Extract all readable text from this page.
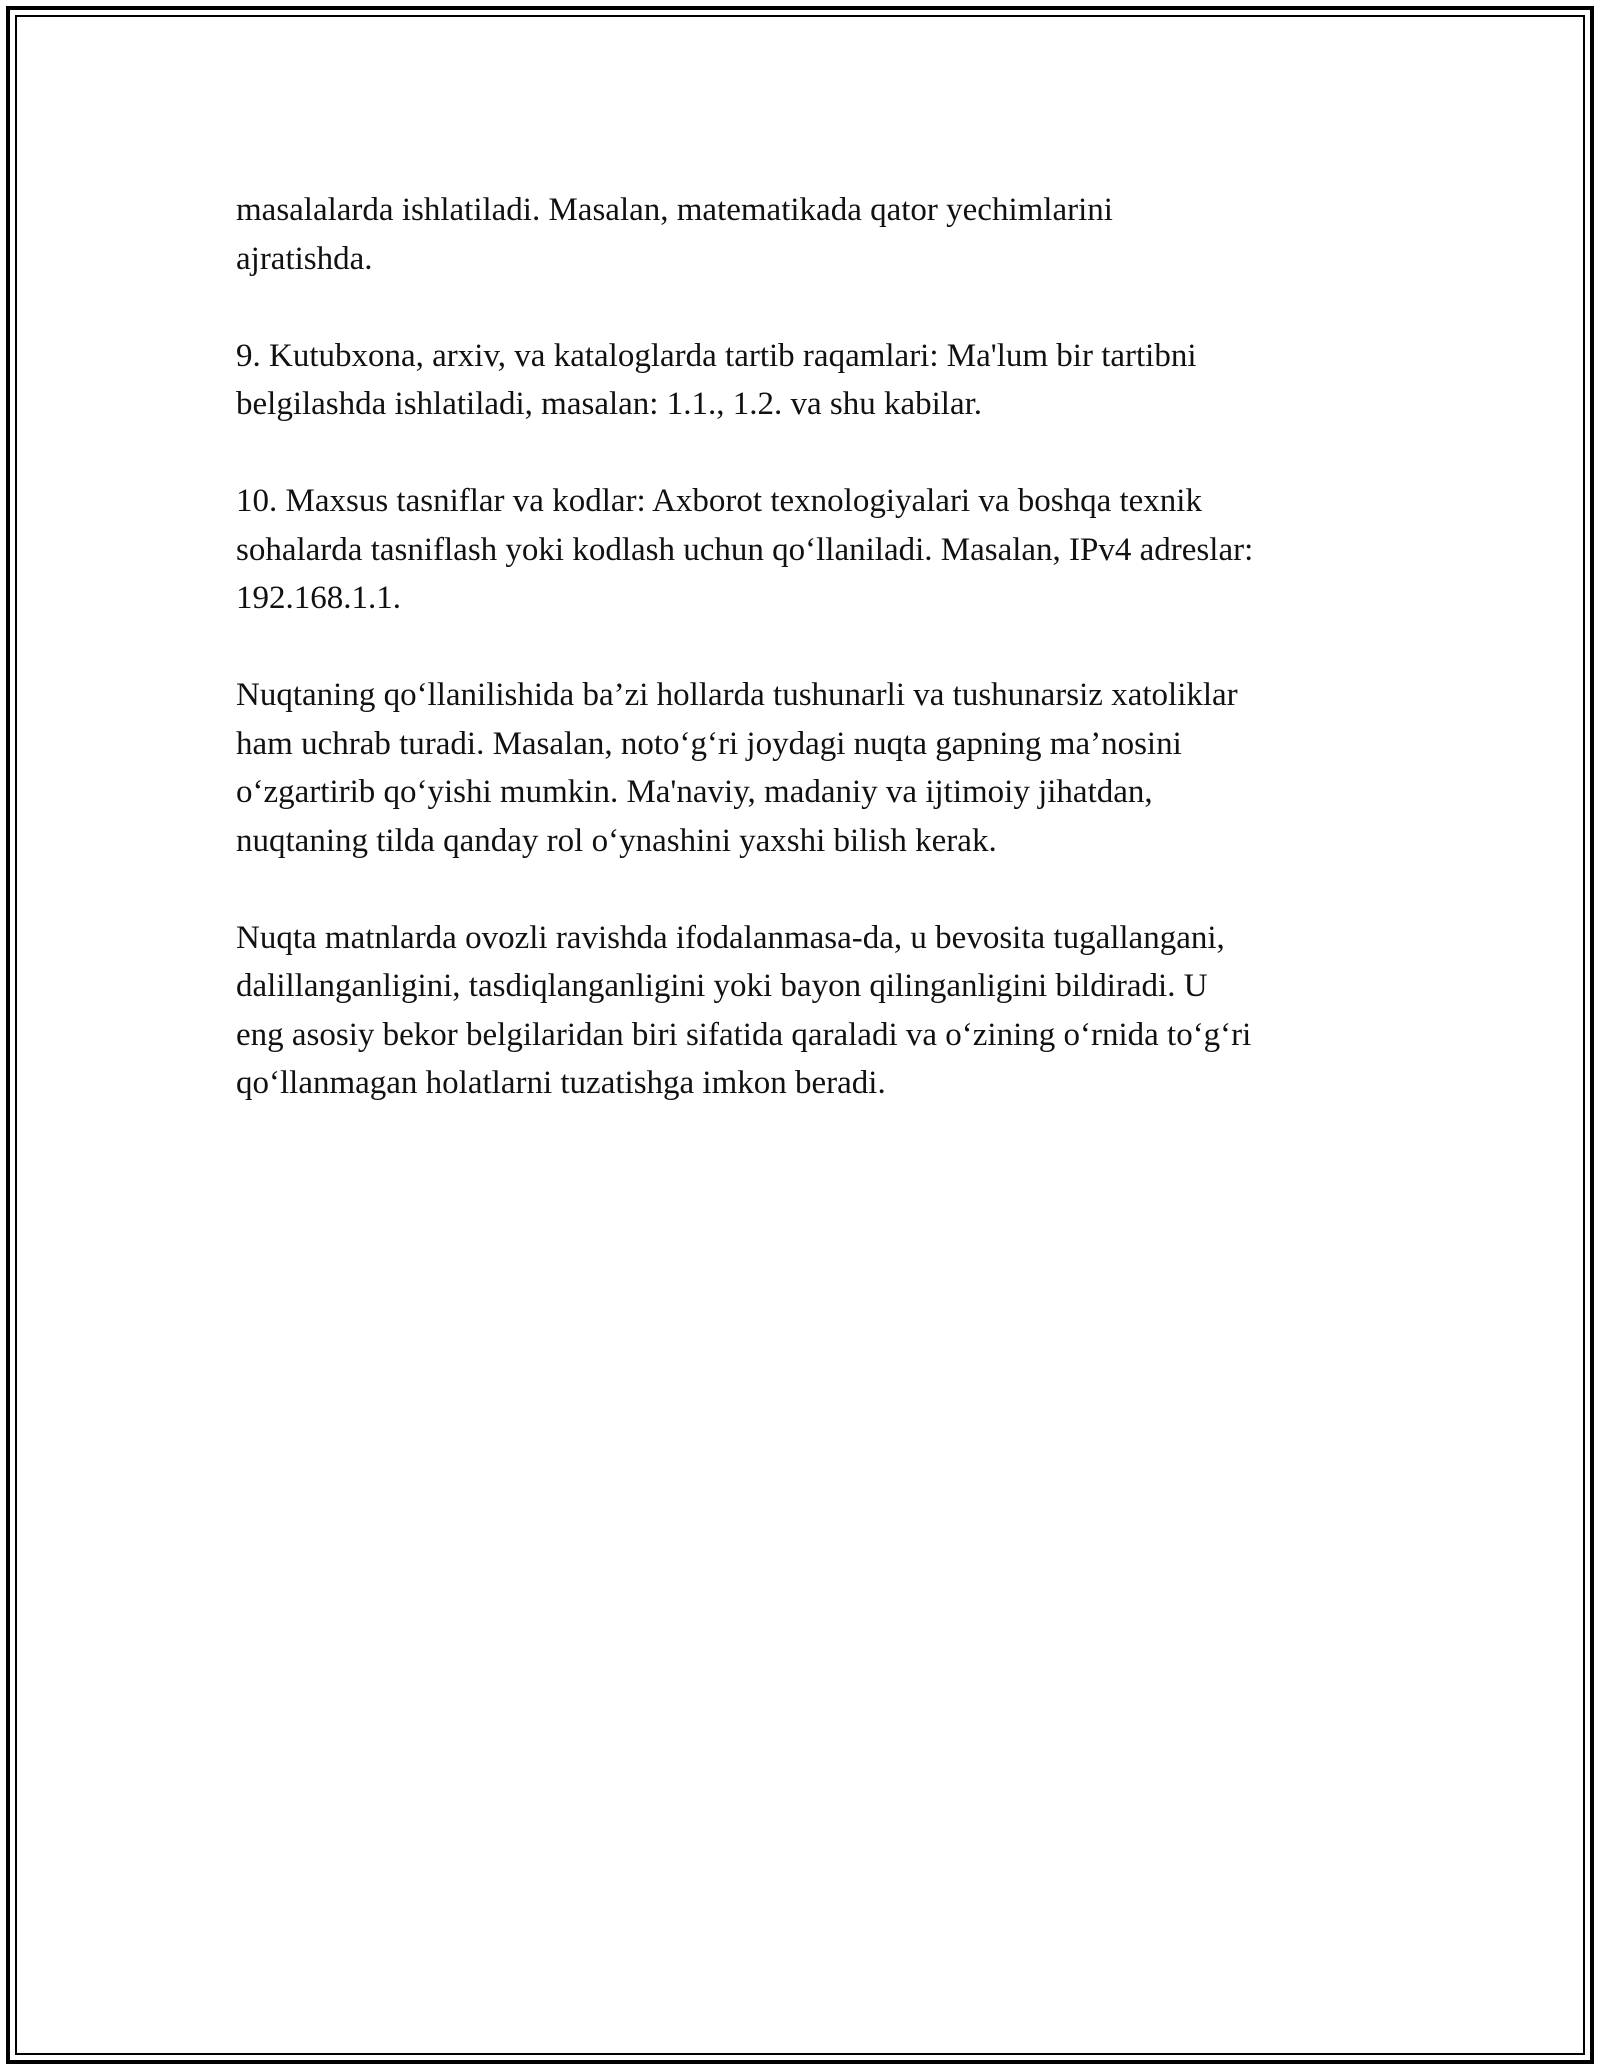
masalalarda ishlatiladi. Masalan, matematikada qator yechimlarini
ajratishda.

9. Kutubxona, arxiv, va kataloglarda tartib raqamlari: Ma'lum bir tartibni
belgilashda ishlatiladi, masalan: 1.1., 1.2. va shu kabilar.

10. Maxsus tasniflar va kodlar: Axborot texnologiyalari va boshqa texnik
sohalarda tasniflash yoki kodlash uchun qo‘llaniladi. Masalan, IPv4 adreslar:
192.168.1.1.

Nuqtaning qo‘llanilishida ba’zi hollarda tushunarli va tushunarsiz xatoliklar
ham uchrab turadi. Masalan, noto‘g‘ri joydagi nuqta gapning ma’nosini
o‘zgartirib qo‘yishi mumkin. Ma'naviy, madaniy va ijtimoiy jihatdan,
nuqtaning tilda qanday rol o‘ynashini yaxshi bilish kerak.

Nuqta matnlarda ovozli ravishda ifodalanmasa-da, u bevosita tugallangani,
dalillanganligini, tasdiqlanganligini yoki bayon qilinganligini bildiradi. U
eng asosiy bekor belgilaridan biri sifatida qaraladi va o‘zining o‘rnida to‘g‘ri
qo‘llanmagan holatlarni tuzatishga imkon beradi.
